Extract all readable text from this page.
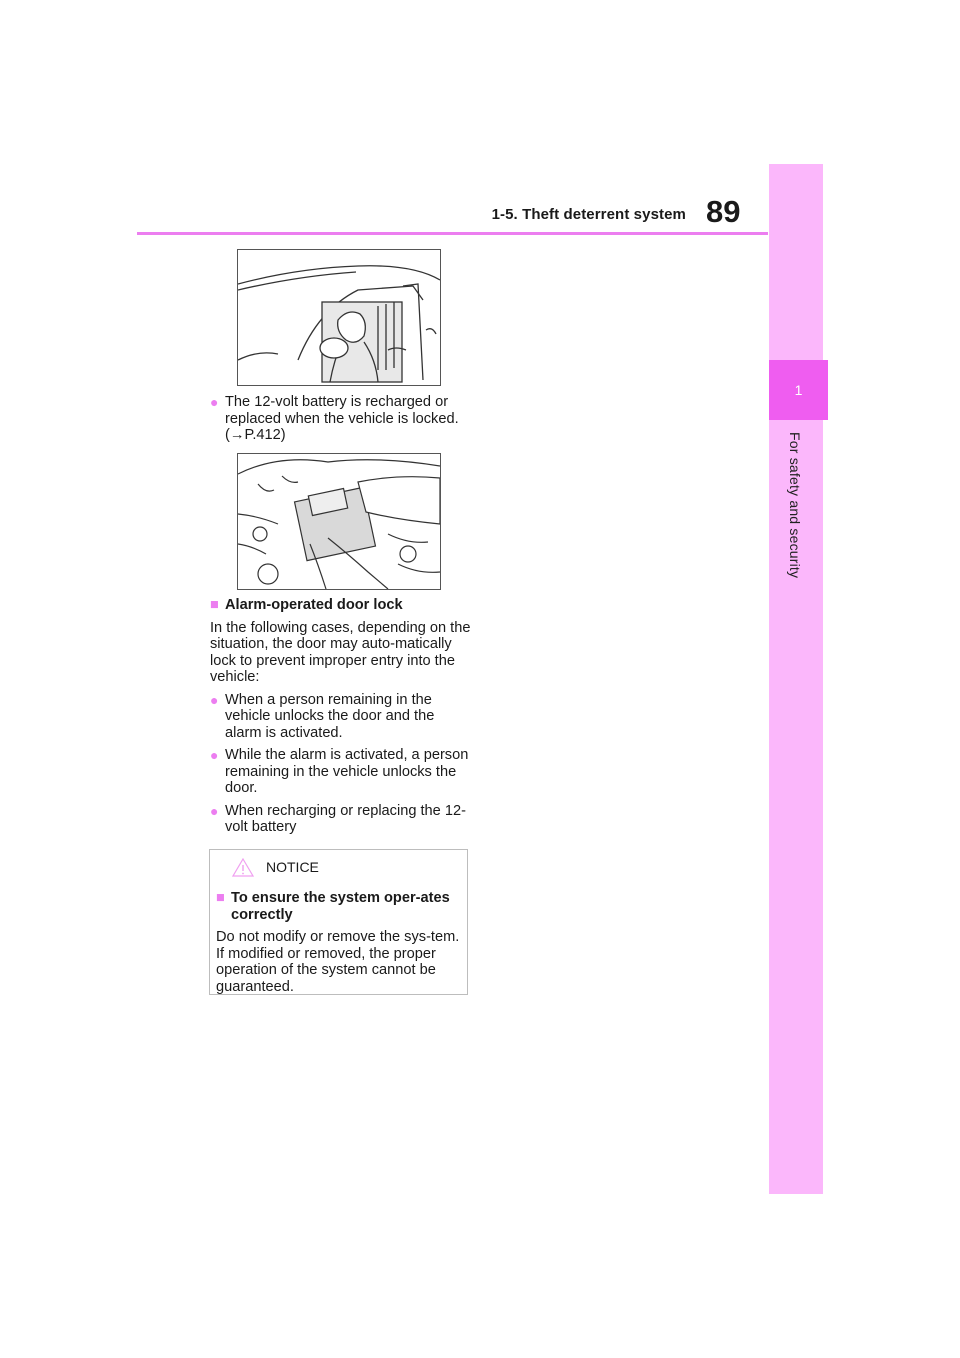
1-5. Theft deterrent system 89
1
For safety and security
● The 12-volt battery is recharged or replaced when the vehicle is locked. (→P.412)
■ Alarm-operated door lock

In the following cases, depending on the situation, the door may auto-matically lock to prevent improper entry into the vehicle:

● When a person remaining in the vehicle unlocks the door and the alarm is activated.
● While the alarm is activated, a person remaining in the vehicle unlocks the door.
● When recharging or replacing the 12-volt battery
NOTICE
■ To ensure the system oper-ates correctly

Do not modify or remove the sys-tem. If modified or removed, the proper operation of the system cannot be guaranteed.
